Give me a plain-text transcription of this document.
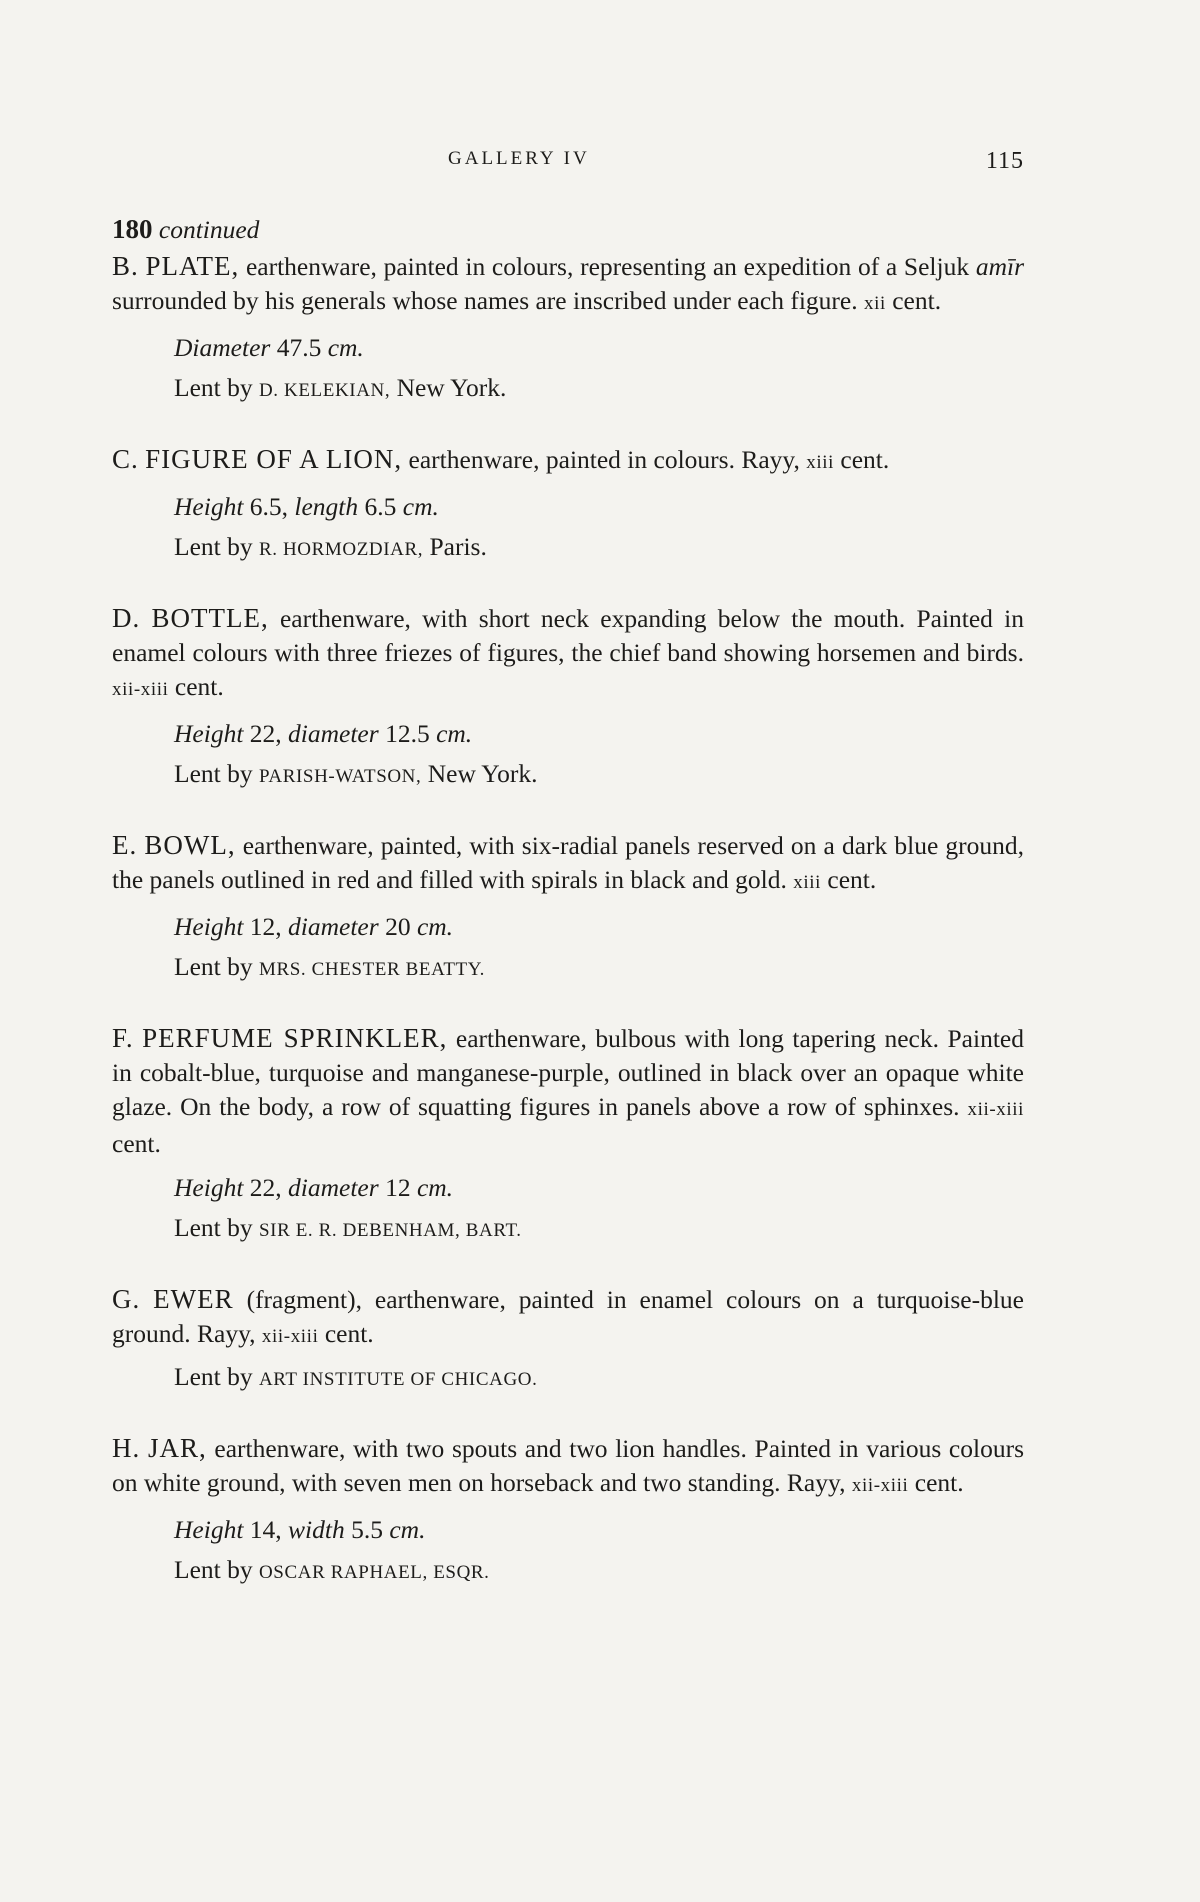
GALLERY IV	115
180 continued

B. PLATE, earthenware, painted in colours, representing an expedition of a Seljuk amīr surrounded by his generals whose names are inscribed under each figure. xii cent.

Diameter 47.5 cm.

Lent by D. KELEKIAN, New York.

C. FIGURE OF A LION, earthenware, painted in colours. Rayy, xiii cent.

Height 6.5, length 6.5 cm.

Lent by R. HORMOZDIAR, Paris.

D. BOTTLE, earthenware, with short neck expanding below the mouth. Painted in enamel colours with three friezes of figures, the chief band showing horsemen and birds. xii-xiii cent.

Height 22, diameter 12.5 cm.

Lent by PARISH-WATSON, New York.

E. BOWL, earthenware, painted, with six-radial panels reserved on a dark blue ground, the panels outlined in red and filled with spirals in black and gold. xiii cent.

Height 12, diameter 20 cm.

Lent by MRS. CHESTER BEATTY.

F. PERFUME SPRINKLER, earthenware, bulbous with long tapering neck. Painted in cobalt-blue, turquoise and manganese-purple, outlined in black over an opaque white glaze. On the body, a row of squatting figures in panels above a row of sphinxes. xii-xiii cent.

Height 22, diameter 12 cm.

Lent by SIR E. R. DEBENHAM, BART.

G. EWER (fragment), earthenware, painted in enamel colours on a turquoise-blue ground. Rayy, xii-xiii cent.

Lent by ART INSTITUTE OF CHICAGO.

H. JAR, earthenware, with two spouts and two lion handles. Painted in various colours on white ground, with seven men on horseback and two standing. Rayy, xii-xiii cent.

Height 14, width 5.5 cm.

Lent by OSCAR RAPHAEL, ESQR.
